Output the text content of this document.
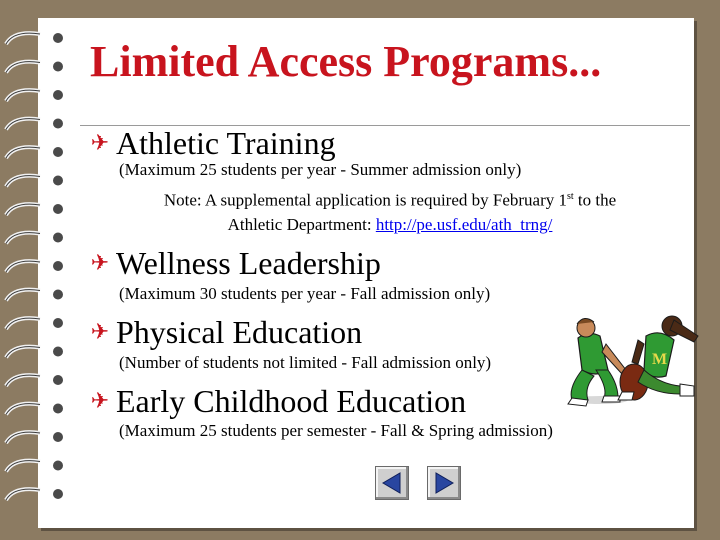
Limited Access Programs...
✈ Athletic Training
(Maximum 25 students per year - Summer admission only)
Note: A supplemental application is required by February 1st to the
Athletic Department: http://pe.usf.edu/ath_trng/
✈ Wellness Leadership
(Maximum 30 students per year - Fall admission only)
✈ Physical Education
(Number of students not limited - Fall admission only)
✈ Early Childhood Education
(Maximum 25 students per semester - Fall & Spring admission)
M
